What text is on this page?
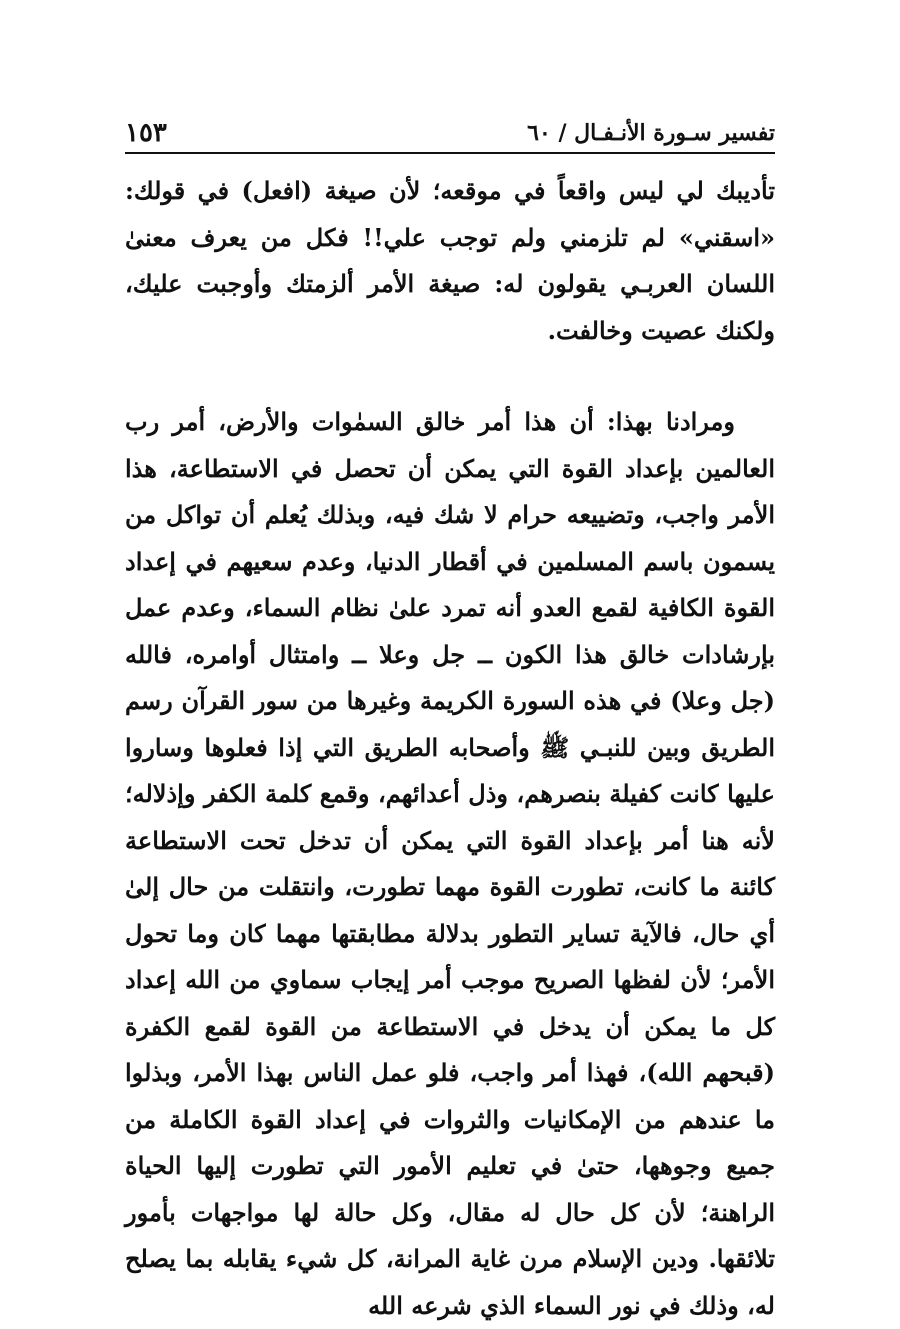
تفسير سـورة الأنـفـال / ٦٠
١٥٣

تأديبك لي ليس واقعاً في موقعه؛ لأن صيغة (افعل) في قولك: «اسقني» لم تلزمني ولم توجب علي!! فكل من يعرف معنىٰ اللسان العربـي يقولون له: صيغة الأمر ألزمتك وأوجبت عليك، ولكنك عصيت وخالفت.

ومرادنا بهذا: أن هذا أمر خالق السمٰوات والأرض، أمر رب العالمين بإعداد القوة التي يمكن أن تحصل في الاستطاعة، هذا الأمر واجب، وتضييعه حرام لا شك فيه، وبذلك يُعلم أن تواكل من يسمون باسم المسلمين في أقطار الدنيا، وعدم سعيهم في إعداد القوة الكافية لقمع العدو أنه تمرد علىٰ نظام السماء، وعدم عمل بإرشادات خالق هذا الكون ــ جل وعلا ــ وامتثال أوامره، فالله (جل وعلا) في هذه السورة الكريمة وغيرها من سور القرآن رسم الطريق وبين للنبـي ﷺ وأصحابه الطريق التي إذا فعلوها وساروا عليها كانت كفيلة بنصرهم، وذل أعدائهم، وقمع كلمة الكفر وإذلاله؛ لأنه هنا أمر بإعداد القوة التي يمكن أن تدخل تحت الاستطاعة كائنة ما كانت، تطورت القوة مهما تطورت، وانتقلت من حال إلىٰ أي حال، فالآية تساير التطور بدلالة مطابقتها مهما كان وما تحول الأمر؛ لأن لفظها الصريح موجب أمر إيجاب سماوي من الله إعداد كل ما يمكن أن يدخل في الاستطاعة من القوة لقمع الكفرة (قبحهم الله)، فهذا أمر واجب، فلو عمل الناس بهذا الأمر، وبذلوا ما عندهم من الإمكانيات والثروات في إعداد القوة الكاملة من جميع وجوهها، حتىٰ في تعليم الأمور التي تطورت إليها الحياة الراهنة؛ لأن كل حال له مقال، وكل حالة لها مواجهات بأمور تلائقها. ودين الإسلام مرن غاية المرانة، كل شيء يقابله بما يصلح له، وذلك في نور السماء الذي شرعه الله
